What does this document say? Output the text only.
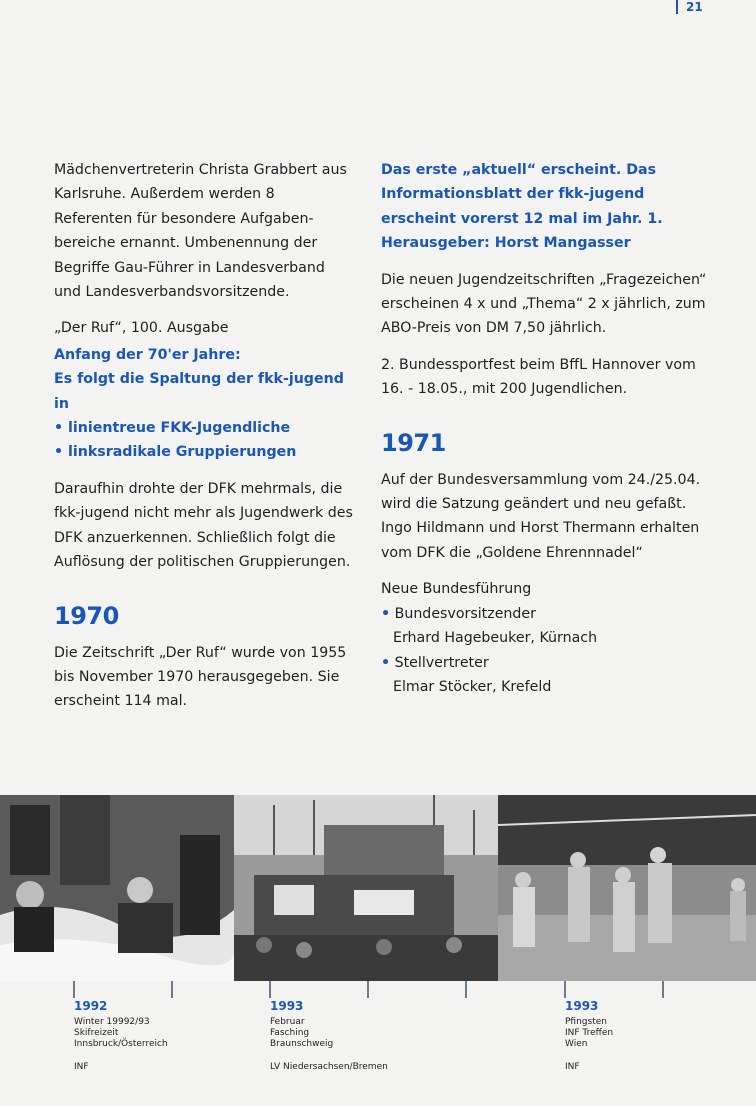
21

Mädchenvertreterin Christa Grabbert aus Karlsruhe. Außerdem werden 8 Referenten für besondere Aufgabenbereiche ernannt. Umbenennung der Begriffe Gau-Führer in Landesverband und Landesverbandsvorsitzende.

„Der Ruf“, 100. Ausgabe

Anfang der 70'er Jahre:
Es folgt die Spaltung der fkk-jugend in
• linientreue FKK-Jugendliche
• linksradikale Gruppierungen

Daraufhin drohte der DFK mehrmals, die fkk-jugend nicht mehr als Jugendwerk des DFK anzuerkennen. Schließlich folgt die Auflösung der politischen Gruppierungen.

1970

Die Zeitschrift „Der Ruf“ wurde von 1955 bis November 1970 herausgegeben. Sie erscheint 114 mal.

Das erste „aktuell“ erscheint. Das Informationsblatt der fkk-jugend erscheint vorerst 12 mal im Jahr. 1. Herausgeber: Horst Mangasser

Die neuen Jugendzeitschriften „Fragezeichen“ erscheinen 4 x und „Thema“ 2 x jährlich, zum ABO-Preis von DM 7,50 jährlich.

2. Bundessportfest beim BffL Hannover vom 16. - 18.05., mit 200 Jugendlichen.

1971

Auf der Bundesversammlung vom 24./25.04. wird die Satzung geändert und neu gefaßt. Ingo Hildmann und Horst Thermann erhalten vom DFK die „Goldene Ehrennnadel“

Neue Bundesführung
• Bundesvorsitzender
Erhard Hagebeuker, Kürnach
• Stellvertreter
Elmar Stöcker, Krefeld
1992
Winter 19992/93
Skifreizeit
Innsbruck/Österreich
INF
1993
Februar
Fasching
Braunschweig
LV Niedersachsen/Bremen
1993
Pfingsten
INF Treffen
Wien
INF
